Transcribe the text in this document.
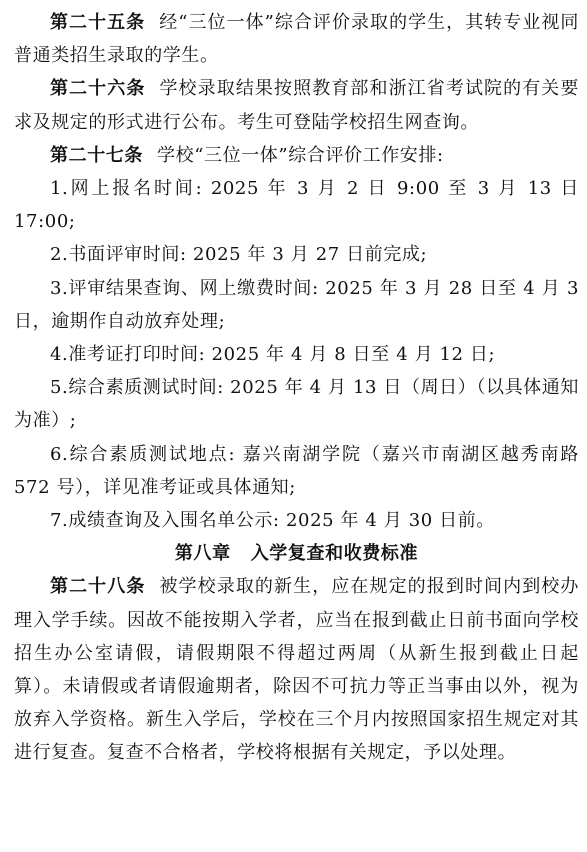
第二十五条 经“三位一体”综合评价录取的学生，其转专业视同普通类招生录取的学生。

第二十六条 学校录取结果按照教育部和浙江省考试院的有关要求及规定的形式进行公布。考生可登陆学校招生网查询。

第二十七条 学校“三位一体”综合评价工作安排:

1.网上报名时间: 2025 年 3 月 2 日 9:00 至 3 月 13 日 17:00;

2.书面评审时间: 2025 年 3 月 27 日前完成;

3.评审结果查询、网上缴费时间: 2025 年 3 月 28 日至 4 月 3 日，逾期作自动放弃处理;

4.准考证打印时间: 2025 年 4 月 8 日至 4 月 12 日;

5.综合素质测试时间: 2025 年 4 月 13 日（周日）（以具体通知为准）;

6.综合素质测试地点: 嘉兴南湖学院（嘉兴市南湖区越秀南路 572 号），详见准考证或具体通知;

7.成绩查询及入围名单公示: 2025 年 4 月 30 日前。

第八章 入学复查和收费标准

第二十八条 被学校录取的新生，应在规定的报到时间内到校办理入学手续。因故不能按期入学者，应当在报到截止日前书面向学校招生办公室请假，请假期限不得超过两周（从新生报到截止日起算）。未请假或者请假逾期者，除因不可抗力等正当事由以外，视为放弃入学资格。新生入学后，学校在三个月内按照国家招生规定对其进行复查。复查不合格者，学校将根据有关规定，予以处理。
